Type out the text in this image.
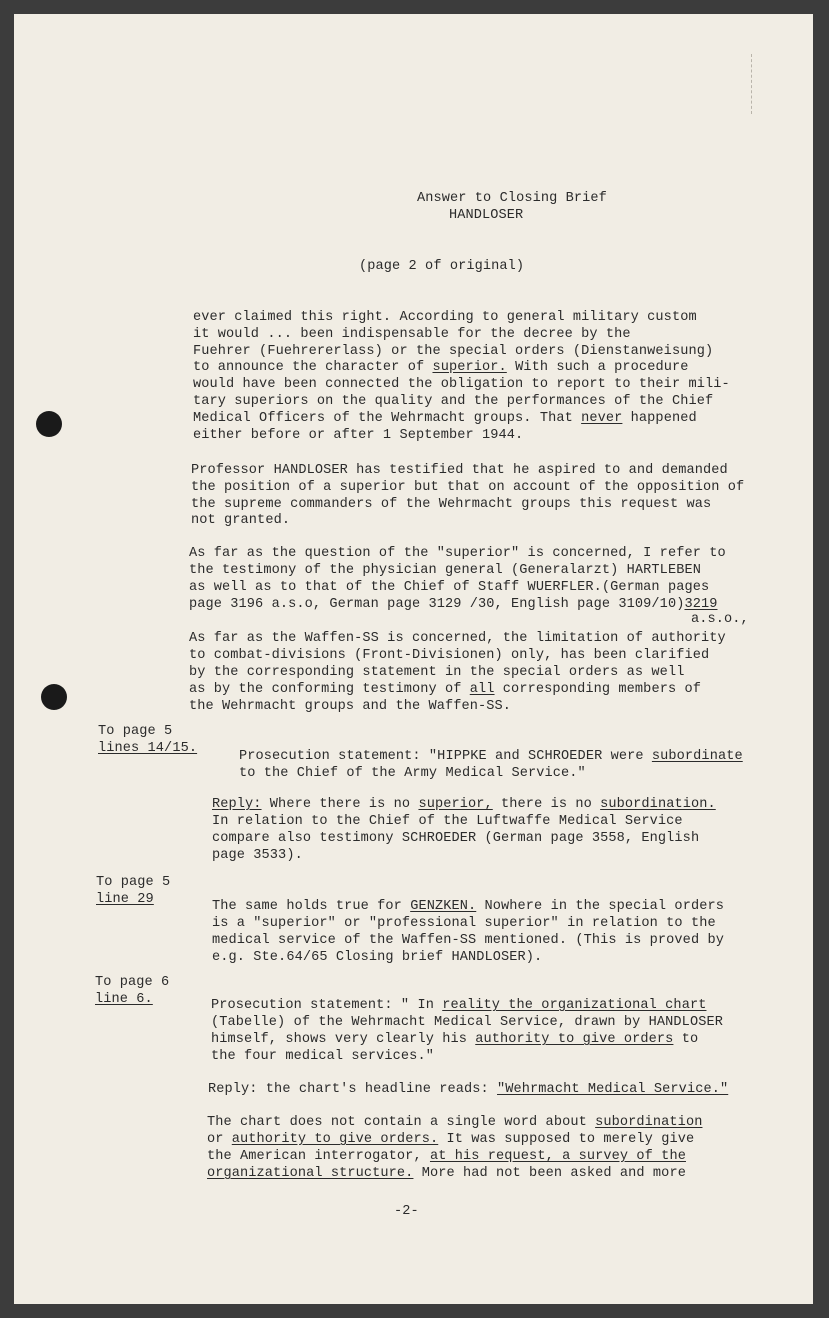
Answer to Closing Brief

HANDLOSER

(page 2 of original)

ever claimed this right. According to general military custom

it would ... been indispensable for the decree by the

Fuehrer (Fuehrererlass) or the special orders (Dienstanweisung)

to announce the character of superior. With such a procedure

would have been connected the obligation to report to their mili-

tary superiors on the quality and the performances of the Chief

Medical Officers of the Wehrmacht groups. That never happened

either before or after 1 September 1944.

Professor HANDLOSER has testified that he aspired to and demanded

the position of a superior but that on account of the opposition of

the supreme commanders of the Wehrmacht groups this request was

not granted.

As far as the question of the "superior" is concerned, I refer to

the testimony of the physician general (Generalarzt) HARTLEBEN

as well as to that of the Chief of Staff WUERFLER.(German pages

page 3196 a.s.o, German page 3129 /30, English page 3109/10)3219

a.s.o.,

As far as the Waffen-SS is concerned, the limitation of authority

to combat-divisions (Front-Divisionen) only, has been clarified

by the corresponding statement in the special orders as well

as by the conforming testimony of all corresponding members of

the Wehrmacht groups and the Waffen-SS.

To page 5

lines 14/15.

Prosecution statement: "HIPPKE and SCHROEDER were subordinate

to the Chief of the Army Medical Service."

Reply: Where there is no superior, there is no subordination.

In relation to the Chief of the Luftwaffe Medical Service

compare also testimony SCHROEDER (German page 3558, English

page 3533).

To page 5

line 29	The same holds true for GENZKEN. Nowhere in the special orders

is a "superior" or "professional superior" in relation to the

medical service of the Waffen-SS mentioned. (This is proved by

e.g. Ste.64/65 Closing brief HANDLOSER).

To page 6

line 6.	Prosecution statement: " In reality the organizational chart

(Tabelle) of the Wehrmacht Medical Service, drawn by HANDLOSER

himself, shows very clearly his authority to give orders to

the four medical services."

Reply: the chart's headline reads: "Wehrmacht Medical Service."

The chart does not contain a single word about subordination

or authority to give orders. It was supposed to merely give

the American interrogator, at his request, a survey of the

organizational structure. More had not been asked and more

-2-
